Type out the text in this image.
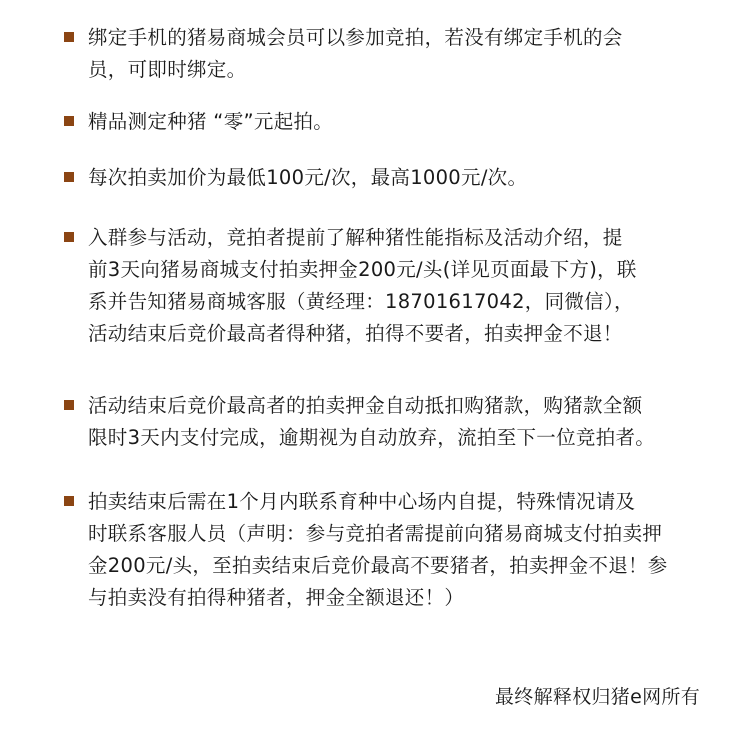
绑定手机的猪易商城会员可以参加竞拍，若没有绑定手机的会
员，可即时绑定。
精品测定种猪 “零”元起拍。
每次拍卖加价为最低100元/次，最高1000元/次。
入群参与活动，竞拍者提前了解种猪性能指标及活动介绍，提
前3天向猪易商城支付拍卖押金200元/头(详见页面最下方)，联
系并告知猪易商城客服（黄经理：18701617042，同微信），
活动结束后竞价最高者得种猪，拍得不要者，拍卖押金不退！
活动结束后竞价最高者的拍卖押金自动抵扣购猪款，购猪款全额
限时3天内支付完成，逾期视为自动放弃，流拍至下一位竞拍者。
拍卖结束后需在1个月内联系育种中心场内自提，特殊情况请及
时联系客服人员（声明：参与竞拍者需提前向猪易商城支付拍卖押
金200元/头，至拍卖结束后竞价最高不要猪者，拍卖押金不退！参
与拍卖没有拍得种猪者，押金全额退还！）
最终解释权归猪e网所有
